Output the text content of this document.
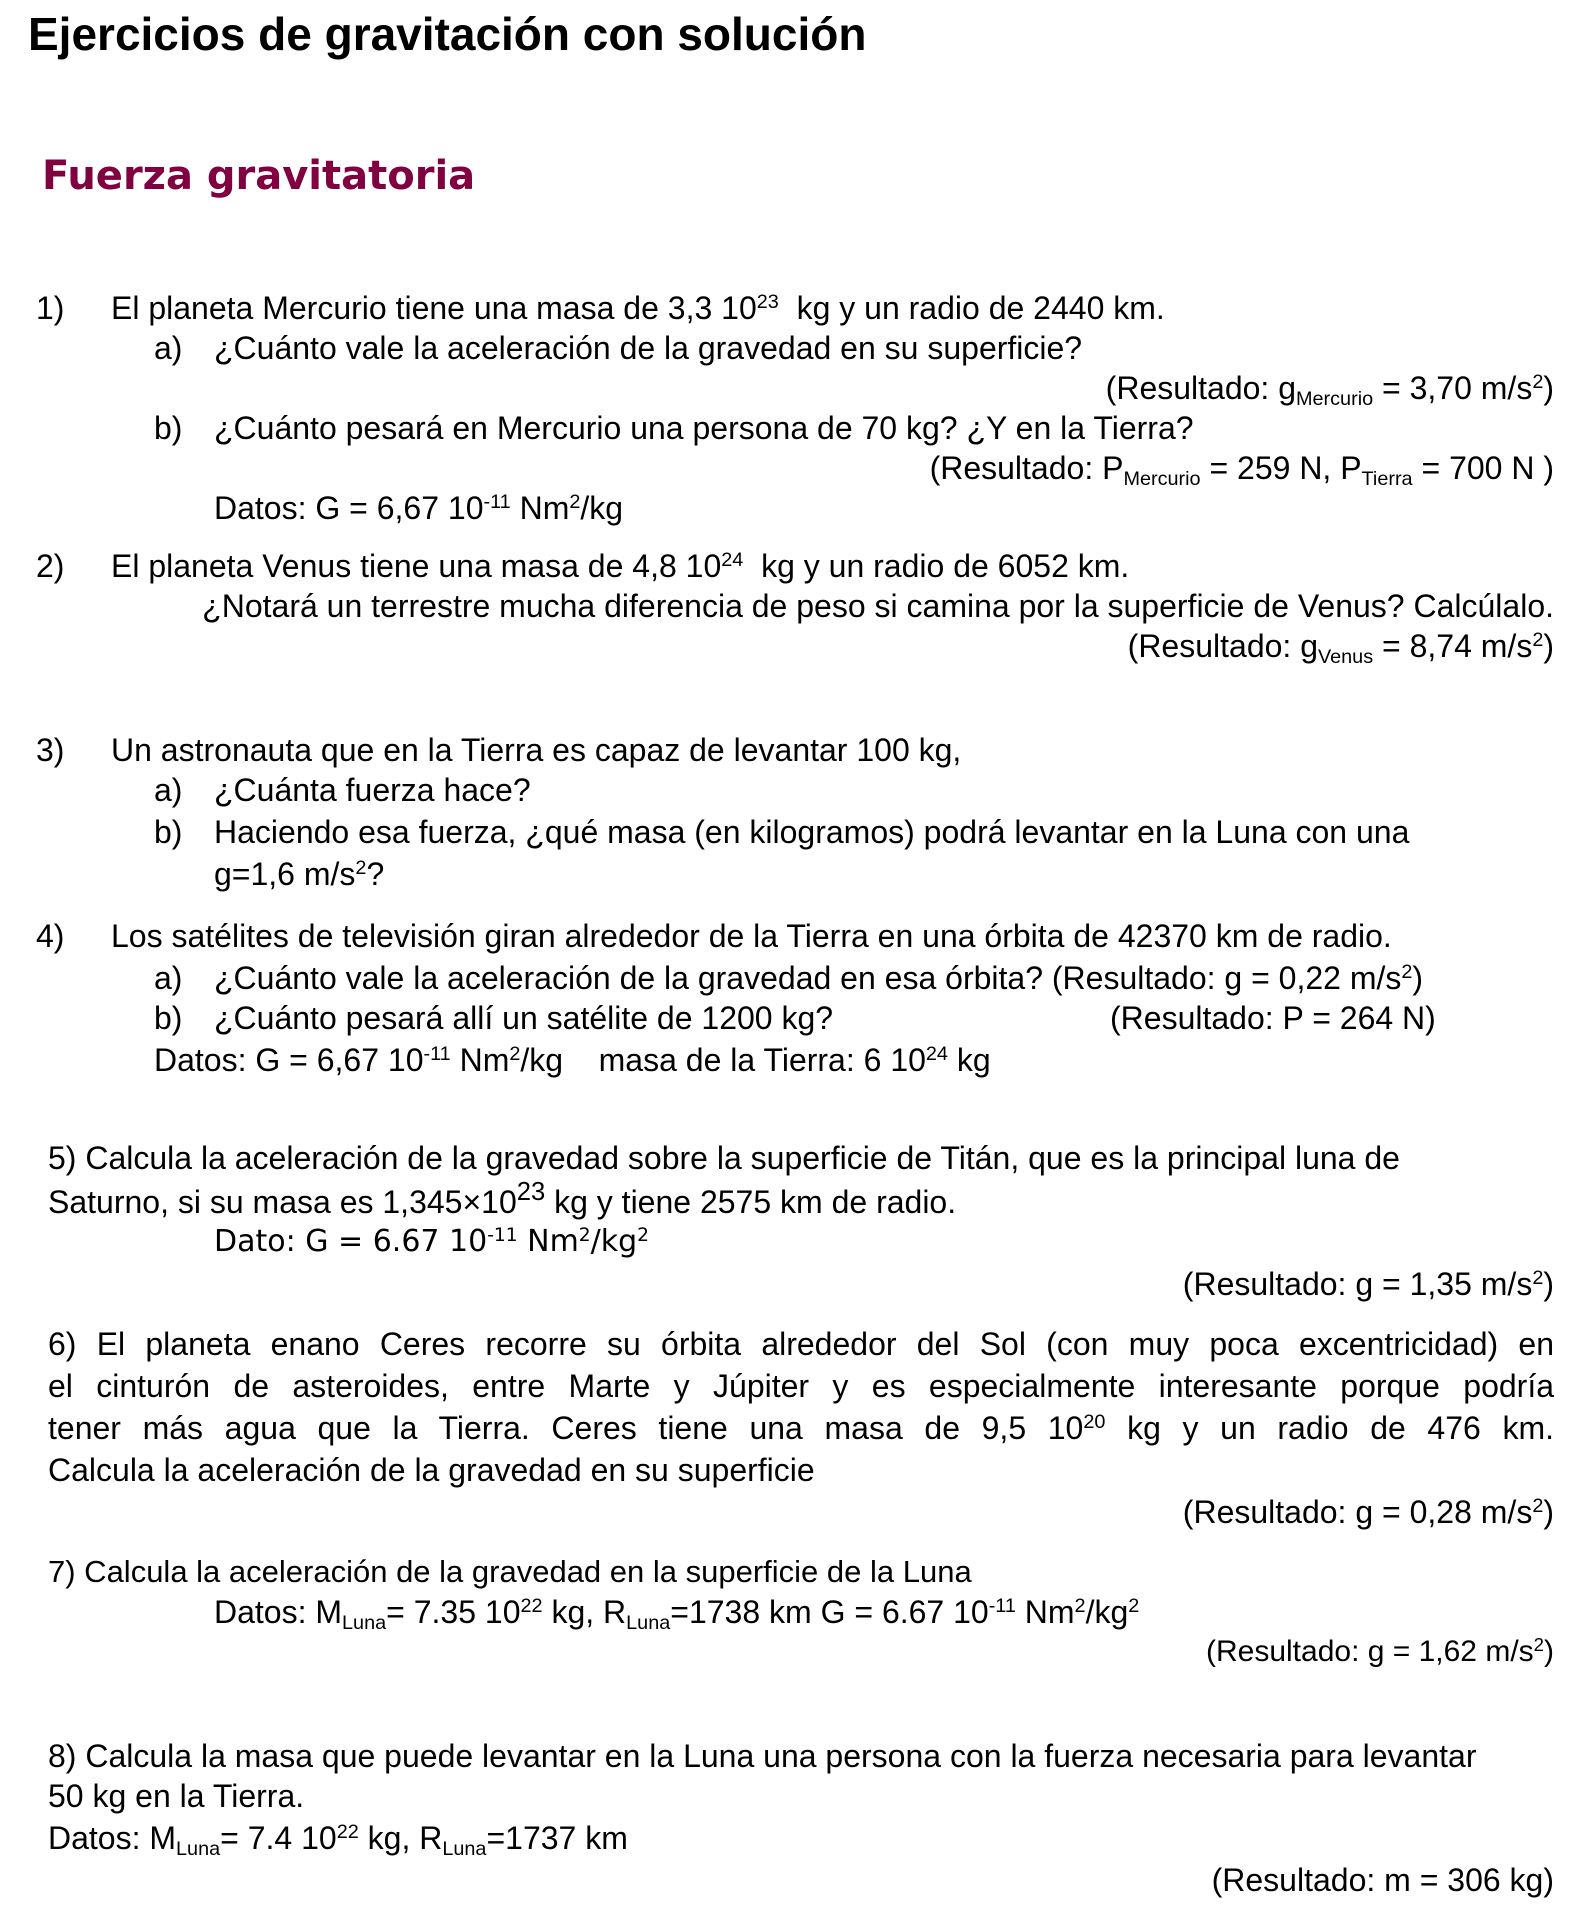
Ejercicios de gravitación con solución
Fuerza gravitatoria
1) El planeta Mercurio tiene una masa de 3,3 $10^{23}$  kg y un radio de 2440 km.
a) ¿Cuánto vale la aceleración de la gravedad en su superficie?
(Resultado: $g_{Mercurio} = 3,70$ $m/s^2$)
b) ¿Cuánto pesará en Mercurio una persona de 70 kg? ¿Y en la Tierra?
(Resultado: $P_{Mercurio} = 259$ N, $P_{Tierra} = 700$ N )
Datos: G = 6,67 $10^{-11}$ Nm$^2$/kg
2) El planeta Venus tiene una masa de 4,8 $10^{24}$  kg y un radio de 6052 km.
¿Notará un terrestre mucha diferencia de peso si camina por la superficie de Venus? Calcúlalo.
(Resultado: $g_{Venus} = 8,74$ $m/s^2$)
3) Un astronauta que en la Tierra es capaz de levantar 100 kg,
a) ¿Cuánta fuerza hace?
b) Haciendo esa fuerza, ¿qué masa (en kilogramos) podrá levantar en la Luna con una
g=1,6 $m/s^2$?
4) Los satélites de televisión giran alrededor de la Tierra en una órbita de 42370 km de radio.
a) ¿Cuánto vale la aceleración de la gravedad en esa órbita? (Resultado: g = 0,22 $m/s^2$)
b) ¿Cuánto pesará allí un satélite de 1200 kg?	(Resultado: P = 264 N)
Datos: G = 6,67 $10^{-11}$ Nm$^2$/kg    masa de la Tierra: 6 $10^{24}$ kg
5) Calcula la aceleración de la gravedad sobre la superficie de Titán, que es la principal luna de
Saturno, si su masa es $1,345\times 10^{23}$ kg y tiene 2575 km de radio.
Dato: G = 6.67 $10^{-11}$ $Nm^2/kg^2$
(Resultado: g = 1,35 $m/s^2$)
6) El planeta enano Ceres recorre su órbita alrededor del Sol (con muy poca excentricidad) en
el cinturón de asteroides, entre Marte y Júpiter y es especialmente interesante porque podría
tener más agua que la Tierra. Ceres tiene una masa de 9,5 $10^{20}$ kg y un radio de 476 km.
Calcula la aceleración de la gravedad en su superficie
(Resultado: g = 0,28 $m/s^2$)
7) Calcula la aceleración de la gravedad en la superficie de la Luna
Datos: $M_{Luna}= 7.35$ $10^{22}$ kg, $R_{Luna}=1738$ km G = 6.67 $10^{-11}$ $Nm^2/kg^2$
(Resultado: g = 1,62 $m/s^2$)
8) Calcula la masa que puede levantar en la Luna una persona con la fuerza necesaria para levantar
50 kg en la Tierra.
Datos: $M_{Luna}= 7.4$ $10^{22}$ kg, $R_{Luna}=1737$ km
(Resultado: m = 306 kg)
